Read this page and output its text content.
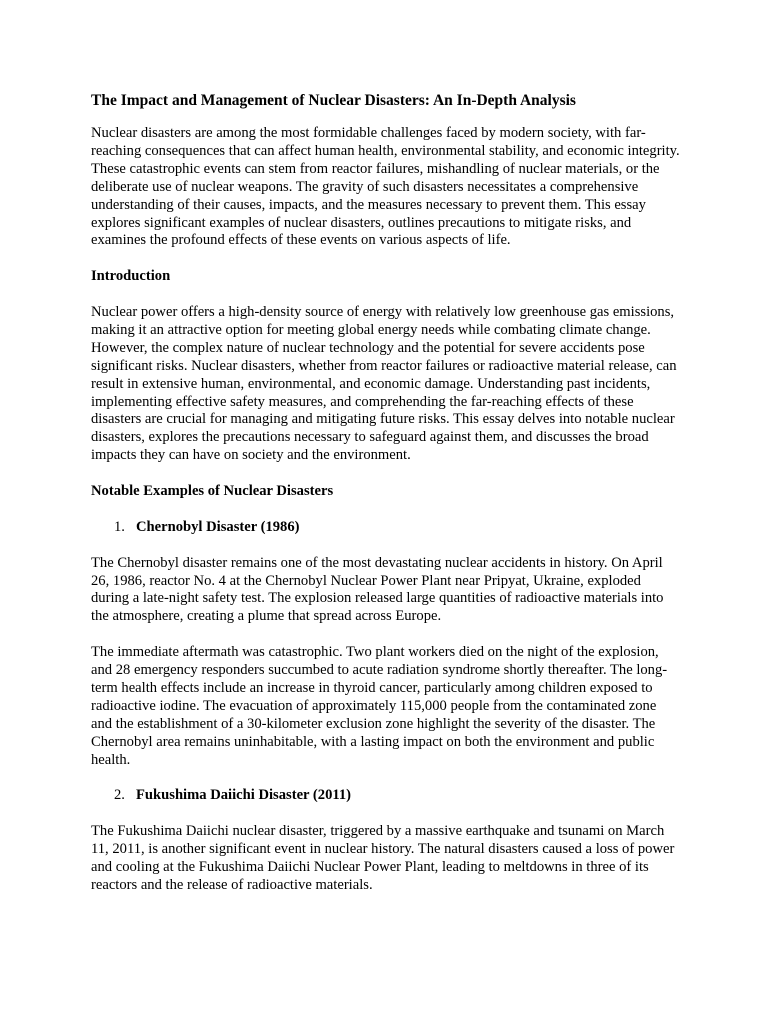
The Impact and Management of Nuclear Disasters: An In-Depth Analysis

Nuclear disasters are among the most formidable challenges faced by modern society, with far-reaching consequences that can affect human health, environmental stability, and economic integrity. These catastrophic events can stem from reactor failures, mishandling of nuclear materials, or the deliberate use of nuclear weapons. The gravity of such disasters necessitates a comprehensive understanding of their causes, impacts, and the measures necessary to prevent them. This essay explores significant examples of nuclear disasters, outlines precautions to mitigate risks, and examines the profound effects of these events on various aspects of life.

Introduction

Nuclear power offers a high-density source of energy with relatively low greenhouse gas emissions, making it an attractive option for meeting global energy needs while combating climate change. However, the complex nature of nuclear technology and the potential for severe accidents pose significant risks. Nuclear disasters, whether from reactor failures or radioactive material release, can result in extensive human, environmental, and economic damage. Understanding past incidents, implementing effective safety measures, and comprehending the far-reaching effects of these disasters are crucial for managing and mitigating future risks. This essay delves into notable nuclear disasters, explores the precautions necessary to safeguard against them, and discusses the broad impacts they can have on society and the environment.

Notable Examples of Nuclear Disasters
1. Chernobyl Disaster (1986)

The Chernobyl disaster remains one of the most devastating nuclear accidents in history. On April 26, 1986, reactor No. 4 at the Chernobyl Nuclear Power Plant near Pripyat, Ukraine, exploded during a late-night safety test. The explosion released large quantities of radioactive materials into the atmosphere, creating a plume that spread across Europe.

The immediate aftermath was catastrophic. Two plant workers died on the night of the explosion, and 28 emergency responders succumbed to acute radiation syndrome shortly thereafter. The long-term health effects include an increase in thyroid cancer, particularly among children exposed to radioactive iodine. The evacuation of approximately 115,000 people from the contaminated zone and the establishment of a 30-kilometer exclusion zone highlight the severity of the disaster. The Chernobyl area remains uninhabitable, with a lasting impact on both the environment and public health.

2. Fukushima Daiichi Disaster (2011)

The Fukushima Daiichi nuclear disaster, triggered by a massive earthquake and tsunami on March 11, 2011, is another significant event in nuclear history. The natural disasters caused a loss of power and cooling at the Fukushima Daiichi Nuclear Power Plant, leading to meltdowns in three of its reactors and the release of radioactive materials.
